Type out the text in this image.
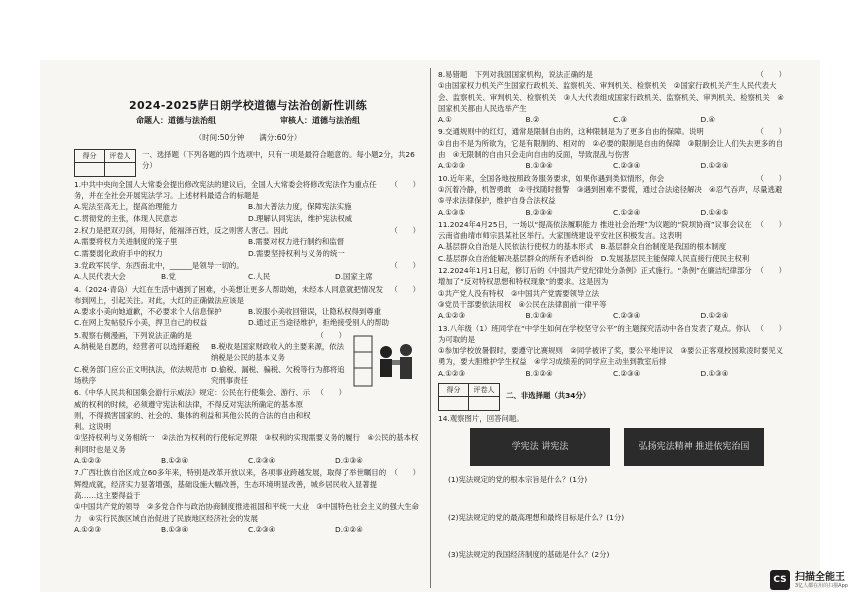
2024-2025萨日朗学校道德与法治创新性训练
命题人：道德与法治组	审核人：道德与法治组
（时间:50分钟　　满分:60分）
得分	评卷人	一、选择题（下列各题的四个选项中，只有一项是最符合题意的。每小题2分，共26分）
1.中共中央向全国人大常委会提出修改宪法的建议后，全国人大常委会将修改宪法作为重点任务，并在全社会开展宪法学习。上述材料最适合的标题是
（　　）
A.宪法至高无上，提高治理能力	B.加大普法力度，保障宪法实施
C.贯彻党的主张，体现人民意志	D.理解认同宪法，维护宪法权威
2.权力是把双刃剑，用得好，能福泽百姓，反之则害人害己。因此	（　　）
A.需要将权力关进制度的笼子里	B.需要对权力进行制约和监督
C.需要弱化政府手中的权力	D.需要坚持权利与义务的统一
3.党政军民学、东西南北中，______是领导一切的。	（　　）
A.人民代表大会	B.党	C.人民	D.国家主席
4.（2024·青岛）大红在生活中遇到了困难，小美想让更多人帮助她，未经本人同意就把情况发布到网上，引起关注。对此，大红的正确做法应该是
（　　）
A.要求小美向她道歉，不必要求个人信息保护	B.说服小美收回错误，让隐私权得到尊重
C.在网上发帖驳斥小美，捍卫自己的权益	D.通过正当途径维护，拒绝接受别人的帮助
5.观察右侧漫画，下列说法正确的是	（　　）
A.纳税是自愿的，经营者可以选择避税	B.税收是国家财政收入的主要来源，依法纳税是公民的基本义务
C.税务部门应公正文明执法，依法规范市场秩序
D.偷税、漏税、骗税、欠税等行为都将追究刑事责任
6.《中华人民共和国集会游行示威法》规定：公民在行使集会、游行、示威的权利的时候，必须遵守宪法和法律，不得反对宪法所确定的基本原则，不得损害国家的、社会的、集体的利益和其他公民的合法的自由和权利。这说明
（　　）
①坚持权利与义务相统一　②法治为权利的行使标定界限　③权利的实现需要义务的履行　④公民的基本权利同时也是义务
A.①②③	B.①②④	C.②③④	D.①③④
7.广西壮族自治区成立60多年来，特别是改革开放以来，各项事业跨越发展，取得了举世瞩目的辉煌成就，经济实力显著增强，基础设施大幅改善，生态环境明显改善，城乡居民收入显著提高……这主要得益于
（　　）
①中国共产党的领导　②多党合作与政治协商制度推进祖国和平统一大业　③中国特色社会主义的强大生命力　④实行民族区域自治促进了民族地区经济社会的发展
A.①②③	B.①③④	C.②③④	D.①②④
8.易错题　下列对我国国家机构，说法正确的是	（　　）
①由国家权力机关产生国家行政机关、监察机关、审判机关、检察机关　②国家行政机关产生人民代表大会、监察机关、审判机关、检察机关　③人大代表组成国家行政机关、监察机关、审判机关、检察机关　④国家机关都由人民选举产生
A.①	B.②	C.③	D.④
9.交通规则中的红灯，通常是限制自由的，这种限制是为了更多自由的保障。说明	（　　）
①自由不是为所欲为，它是有限制的、相对的　②必要的限制是自由的保障　③限制会让人们失去更多的自由　④无限制的自由只会走向自由的反面，导致混乱与伤害
A.①②③	B.①③④	C.②③④	D.①②④
10.近年来，全国各地按照政务服务要求，如果你遇到类似情形，你会	（　　）
①沉着冷静，机智勇敢　②寻找随时报警　③遇到困难不要慌，通过合法途径解决　④忍气吞声，尽量逃避　⑤寻求法律保护，维护自身合法权益
A.①③⑤	B.②③④	C.①②④	D.①④⑤
11.2024年4月25日，一场以“提高依法履职能力 推进社会治理”为议题的“院坝协商”议事会议在云南省曲靖市师宗县某社区举行。大家围绕建设平安社区积极发言。这表明
（　　）
A.基层群众自治是人民依法行使权力的基本形式　B.基层群众自治制度是我国的根本制度
C.基层群众自治能解决基层群众的所有矛盾纠纷　D.发展基层民主能保障人民直接行使民主权利
12.2024年1月1日起，修订后的《中国共产党纪律处分条例》正式施行。“条例”在廉洁纪律部分增加了“反对特权思想和特权现象”的要求。这是因为
（　　）
①共产党人没有特权　②中国共产党需要领导立法
③党员干部要依法用权　④公民在法律面前一律平等
A.①②③	B.①③④	C.②③④	D.①②④
13.八年级（1）班同学在“中学生如何在学校坚守公平”的主题探究活动中各自发表了观点。你认为可取的是
（　　）
①参加学校放暑假时，要遵守比赛规则　②同学被评了奖，要公平地评议　③要公正客观校园欺凌时要见义勇为，要大胆维护学生权益　④学习成绩差的同学应主动坐到教室后排
A.①②③	B.①②④	C.②③④	D.①③④
得分	评卷人
二、非选择题（共34分）
14.观察图片，回答问题。
学宪法 讲宪法	弘扬宪法精神 推进依宪治国
(1)宪法规定的党的根本宗旨是什么？(1分)
(2)宪法规定的党的最高理想和最终目标是什么？(1分)
(3)宪法规定的我国经济制度的基础是什么？(2分)
CS 扫描全能王
3亿人都在用的扫描App
